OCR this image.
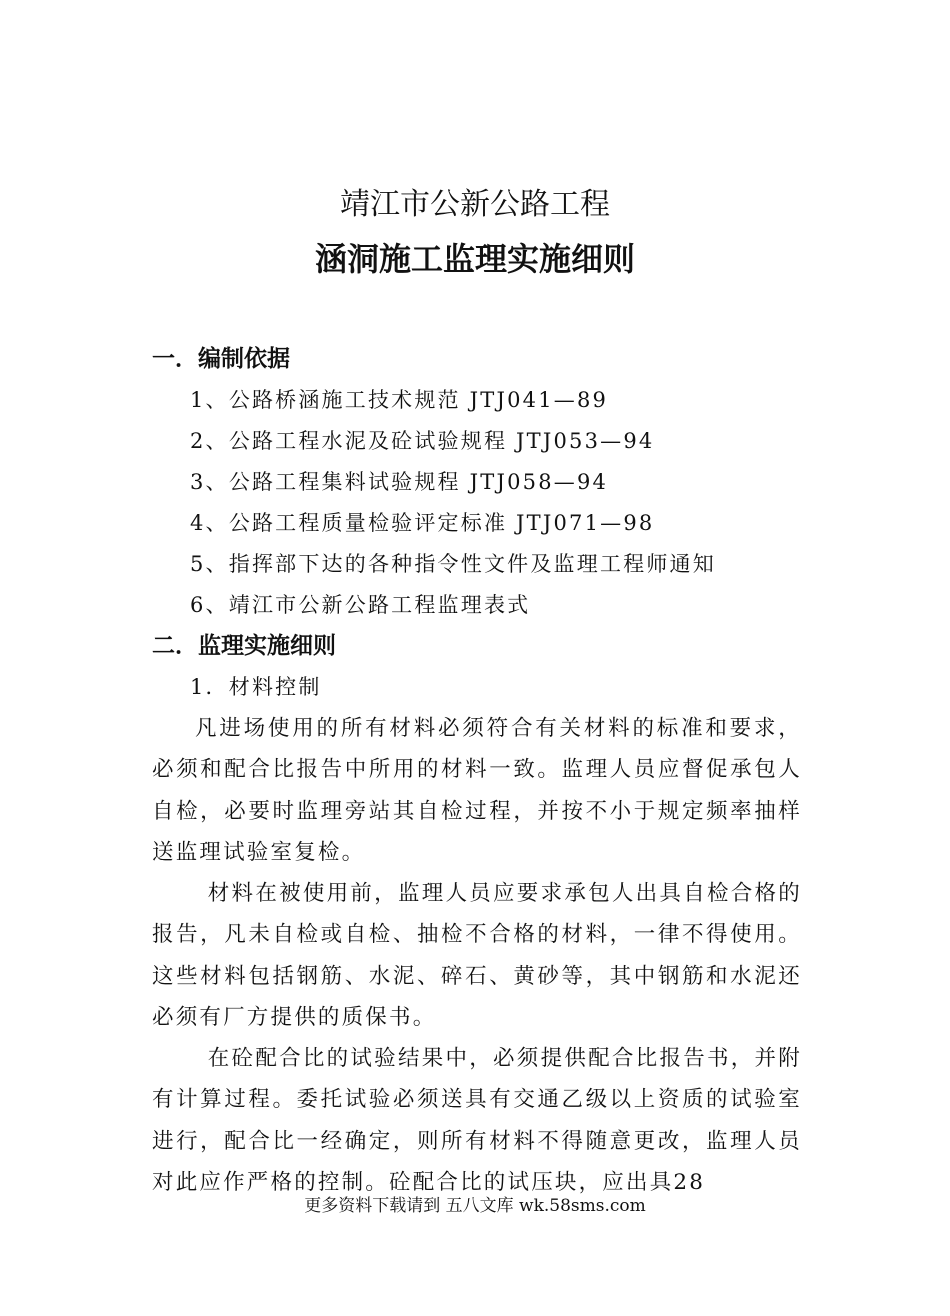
靖江市公新公路工程
涵洞施工监理实施细则
一．编制依据
1、公路桥涵施工技术规范 JTJ041—89
2、公路工程水泥及砼试验规程 JTJ053—94
3、公路工程集料试验规程 JTJ058—94
4、公路工程质量检验评定标准 JTJ071—98
5、指挥部下达的各种指令性文件及监理工程师通知
6、靖江市公新公路工程监理表式
二．监理实施细则
1．材料控制
凡进场使用的所有材料必须符合有关材料的标准和要求，必须和配合比报告中所用的材料一致。监理人员应督促承包人自检，必要时监理旁站其自检过程，并按不小于规定频率抽样送监理试验室复检。
　材料在被使用前，监理人员应要求承包人出具自检合格的报告，凡未自检或自检、抽检不合格的材料，一律不得使用。这些材料包括钢筋、水泥、碎石、黄砂等，其中钢筋和水泥还必须有厂方提供的质保书。
　在砼配合比的试验结果中，必须提供配合比报告书，并附有计算过程。委托试验必须送具有交通乙级以上资质的试验室进行，配合比一经确定，则所有材料不得随意更改，监理人员对此应作严格的控制。砼配合比的试压块，应出具28
更多资料下载请到 五八文库 wk.58sms.com
